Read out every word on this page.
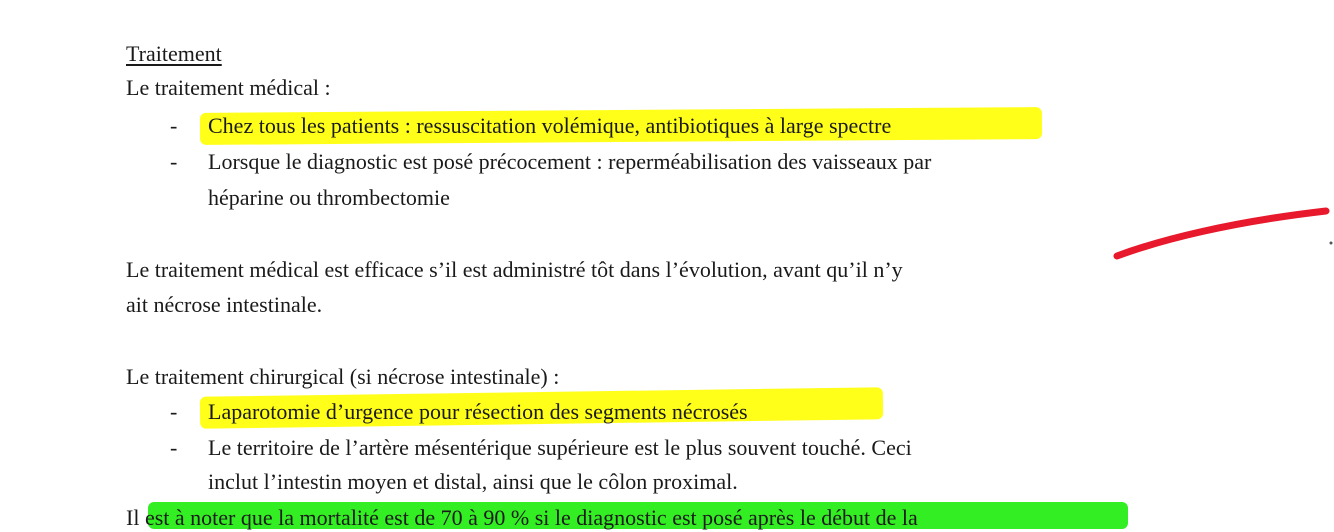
Traitement
Le traitement médical :
- Chez tous les patients : ressuscitation volémique, antibiotiques à large spectre
- Lorsque le diagnostic est posé précocement : reperméabilisation des vaisseaux par
héparine ou thrombectomie
Le traitement médical est efficace s’il est administré tôt dans l’évolution, avant qu’il n’y
ait nécrose intestinale.
Le traitement chirurgical (si nécrose intestinale) :
- Laparotomie d’urgence pour résection des segments nécrosés
- Le territoire de l’artère mésentérique supérieure est le plus souvent touché. Ceci
inclut l’intestin moyen et distal, ainsi que le côlon proximal.
Il est à noter que la mortalité est de 70 à 90 % si le diagnostic est posé après le début de la
